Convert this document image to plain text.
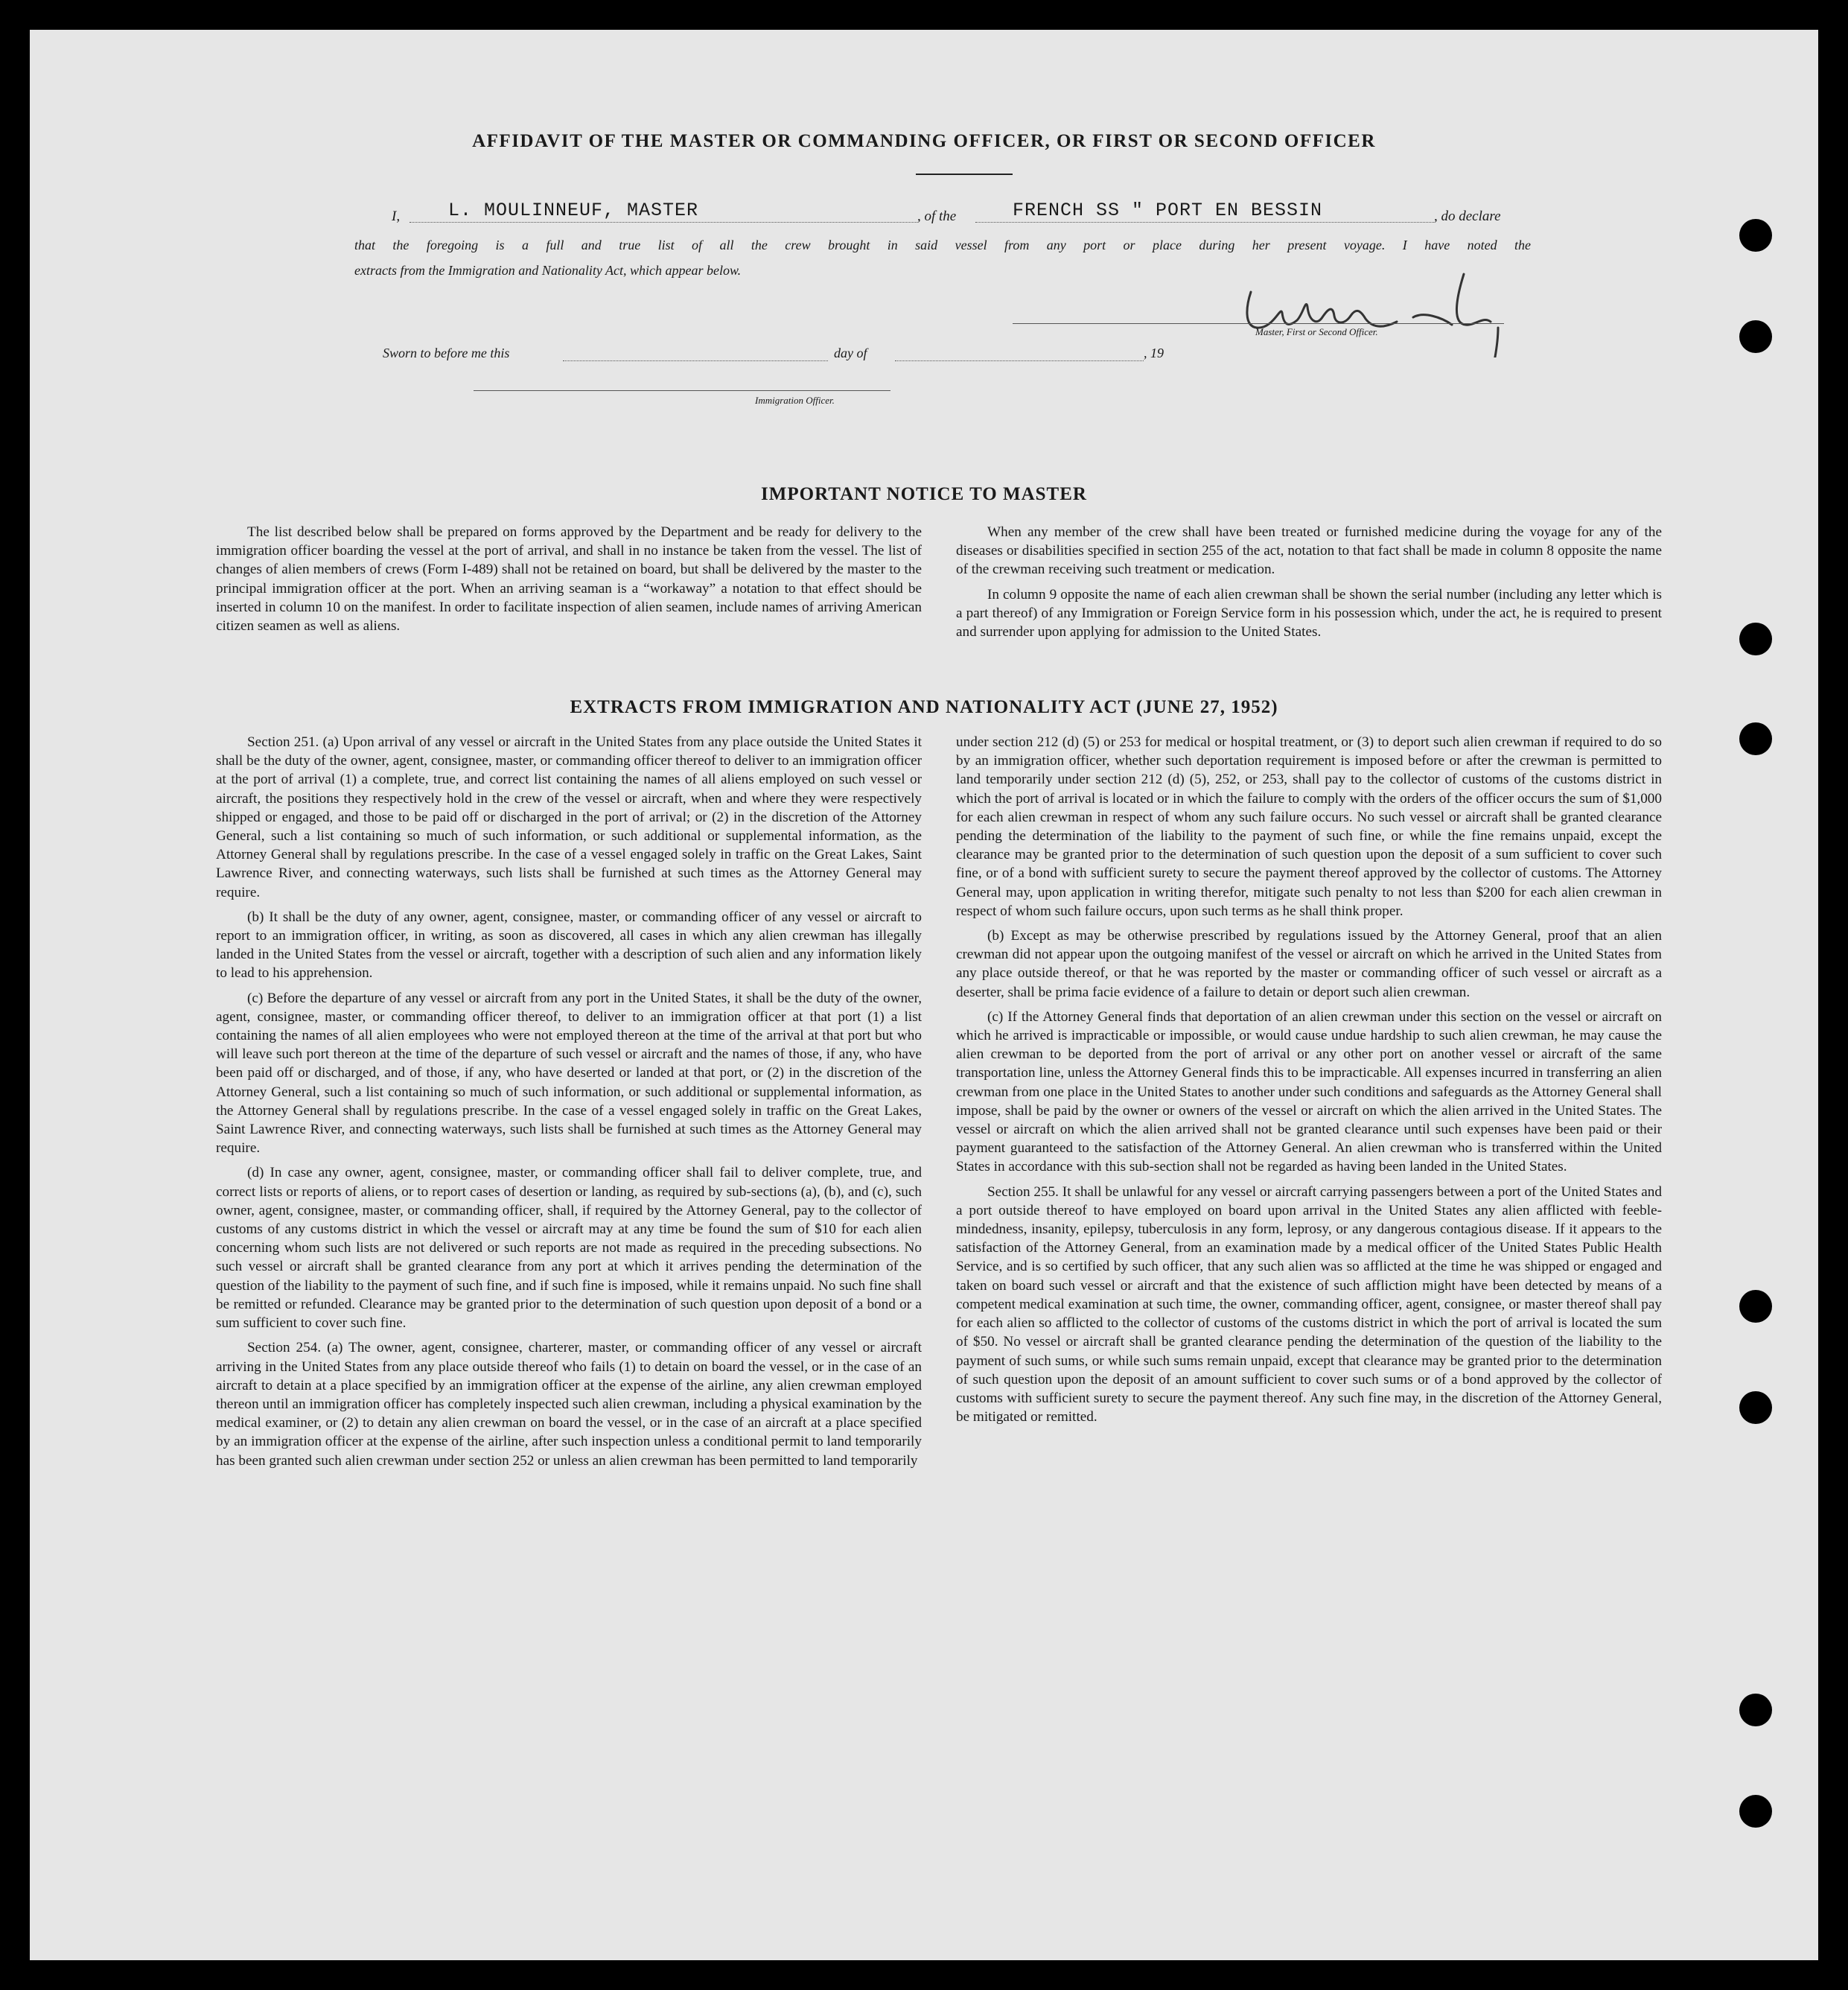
AFFIDAVIT OF THE MASTER OR COMMANDING OFFICER, OR FIRST OR SECOND OFFICER
I,	L. MOULINNEUF, MASTER	, of the	FRENCH SS " PORT EN BESSIN	, do declare
that the foregoing is a full and true list of all the crew brought in said vessel from any port or place during her present voyage. I have noted the
extracts from the Immigration and Nationality Act, which appear below.
Master, First or Second Officer.
Sworn to before me this	day of	, 19
Immigration Officer.
IMPORTANT NOTICE TO MASTER

The list described below shall be prepared on forms approved by the Department and be ready for delivery to the immigration officer boarding the vessel at the port of arrival, and shall in no instance be taken from the vessel. The list of changes of alien members of crews (Form I-489) shall not be retained on board, but shall be delivered by the master to the principal immigration officer at the port. When an arriving seaman is a “workaway” a notation to that effect should be inserted in column 10 on the manifest. In order to facilitate inspection of alien seamen, include names of arriving American citizen seamen as well as aliens.

When any member of the crew shall have been treated or furnished medicine during the voyage for any of the diseases or disabilities specified in section 255 of the act, notation to that fact shall be made in column 8 opposite the name of the crewman receiving such treatment or medication.

In column 9 opposite the name of each alien crewman shall be shown the serial number (including any letter which is a part thereof) of any Immigration or Foreign Service form in his possession which, under the act, he is required to present and surrender upon applying for admission to the United States.

EXTRACTS FROM IMMIGRATION AND NATIONALITY ACT (JUNE 27, 1952)

Section 251. (a) Upon arrival of any vessel or aircraft in the United States from any place outside the United States it shall be the duty of the owner, agent, consignee, master, or commanding officer thereof to deliver to an immigration officer at the port of arrival (1) a complete, true, and correct list containing the names of all aliens employed on such vessel or aircraft, the positions they respectively hold in the crew of the vessel or aircraft, when and where they were respectively shipped or engaged, and those to be paid off or discharged in the port of arrival; or (2) in the discretion of the Attorney General, such a list containing so much of such information, or such additional or supplemental information, as the Attorney General shall by regulations prescribe. In the case of a vessel engaged solely in traffic on the Great Lakes, Saint Lawrence River, and connecting waterways, such lists shall be furnished at such times as the Attorney General may require.

(b) It shall be the duty of any owner, agent, consignee, master, or commanding officer of any vessel or aircraft to report to an immigration officer, in writing, as soon as discovered, all cases in which any alien crewman has illegally landed in the United States from the vessel or aircraft, together with a description of such alien and any information likely to lead to his apprehension.

(c) Before the departure of any vessel or aircraft from any port in the United States, it shall be the duty of the owner, agent, consignee, master, or commanding officer thereof, to deliver to an immigration officer at that port (1) a list containing the names of all alien employees who were not employed thereon at the time of the arrival at that port but who will leave such port thereon at the time of the departure of such vessel or aircraft and the names of those, if any, who have been paid off or discharged, and of those, if any, who have deserted or landed at that port, or (2) in the discretion of the Attorney General, such a list containing so much of such information, or such additional or supplemental information, as the Attorney General shall by regulations prescribe. In the case of a vessel engaged solely in traffic on the Great Lakes, Saint Lawrence River, and connecting waterways, such lists shall be furnished at such times as the Attorney General may require.

(d) In case any owner, agent, consignee, master, or commanding officer shall fail to deliver complete, true, and correct lists or reports of aliens, or to report cases of desertion or landing, as required by sub-sections (a), (b), and (c), such owner, agent, consignee, master, or commanding officer, shall, if required by the Attorney General, pay to the collector of customs of any customs district in which the vessel or aircraft may at any time be found the sum of $10 for each alien concerning whom such lists are not delivered or such reports are not made as required in the preceding subsections. No such vessel or aircraft shall be granted clearance from any port at which it arrives pending the determination of the question of the liability to the payment of such fine, and if such fine is imposed, while it remains unpaid. No such fine shall be remitted or refunded. Clearance may be granted prior to the determination of such question upon deposit of a bond or a sum sufficient to cover such fine.

Section 254. (a) The owner, agent, consignee, charterer, master, or commanding officer of any vessel or aircraft arriving in the United States from any place outside thereof who fails (1) to detain on board the vessel, or in the case of an aircraft to detain at a place specified by an immigration officer at the expense of the airline, any alien crewman employed thereon until an immigration officer has completely inspected such alien crewman, including a physical examination by the medical examiner, or (2) to detain any alien crewman on board the vessel, or in the case of an aircraft at a place specified by an immigration officer at the expense of the airline, after such inspection unless a conditional permit to land temporarily has been granted such alien crewman under section 252 or unless an alien crewman has been permitted to land temporarily

under section 212 (d) (5) or 253 for medical or hospital treatment, or (3) to deport such alien crewman if required to do so by an immigration officer, whether such deportation requirement is imposed before or after the crewman is permitted to land temporarily under section 212 (d) (5), 252, or 253, shall pay to the collector of customs of the customs district in which the port of arrival is located or in which the failure to comply with the orders of the officer occurs the sum of $1,000 for each alien crewman in respect of whom any such failure occurs. No such vessel or aircraft shall be granted clearance pending the determination of the liability to the payment of such fine, or while the fine remains unpaid, except the clearance may be granted prior to the determination of such question upon the deposit of a sum sufficient to cover such fine, or of a bond with sufficient surety to secure the payment thereof approved by the collector of customs. The Attorney General may, upon application in writing therefor, mitigate such penalty to not less than $200 for each alien crewman in respect of whom such failure occurs, upon such terms as he shall think proper.

(b) Except as may be otherwise prescribed by regulations issued by the Attorney General, proof that an alien crewman did not appear upon the outgoing manifest of the vessel or aircraft on which he arrived in the United States from any place outside thereof, or that he was reported by the master or commanding officer of such vessel or aircraft as a deserter, shall be prima facie evidence of a failure to detain or deport such alien crewman.

(c) If the Attorney General finds that deportation of an alien crewman under this section on the vessel or aircraft on which he arrived is impracticable or impossible, or would cause undue hardship to such alien crewman, he may cause the alien crewman to be deported from the port of arrival or any other port on another vessel or aircraft of the same transportation line, unless the Attorney General finds this to be impracticable. All expenses incurred in transferring an alien crewman from one place in the United States to another under such conditions and safeguards as the Attorney General shall impose, shall be paid by the owner or owners of the vessel or aircraft on which the alien arrived in the United States. The vessel or aircraft on which the alien arrived shall not be granted clearance until such expenses have been paid or their payment guaranteed to the satisfaction of the Attorney General. An alien crewman who is transferred within the United States in accordance with this sub-section shall not be regarded as having been landed in the United States.

Section 255. It shall be unlawful for any vessel or aircraft carrying passengers between a port of the United States and a port outside thereof to have employed on board upon arrival in the United States any alien afflicted with feeble-mindedness, insanity, epilepsy, tuberculosis in any form, leprosy, or any dangerous contagious disease. If it appears to the satisfaction of the Attorney General, from an examination made by a medical officer of the United States Public Health Service, and is so certified by such officer, that any such alien was so afflicted at the time he was shipped or engaged and taken on board such vessel or aircraft and that the existence of such affliction might have been detected by means of a competent medical examination at such time, the owner, commanding officer, agent, consignee, or master thereof shall pay for each alien so afflicted to the collector of customs of the customs district in which the port of arrival is located the sum of $50. No vessel or aircraft shall be granted clearance pending the determination of the question of the liability to the payment of such sums, or while such sums remain unpaid, except that clearance may be granted prior to the determination of such question upon the deposit of an amount sufficient to cover such sums or of a bond approved by the collector of customs with sufficient surety to secure the payment thereof. Any such fine may, in the discretion of the Attorney General, be mitigated or remitted.
